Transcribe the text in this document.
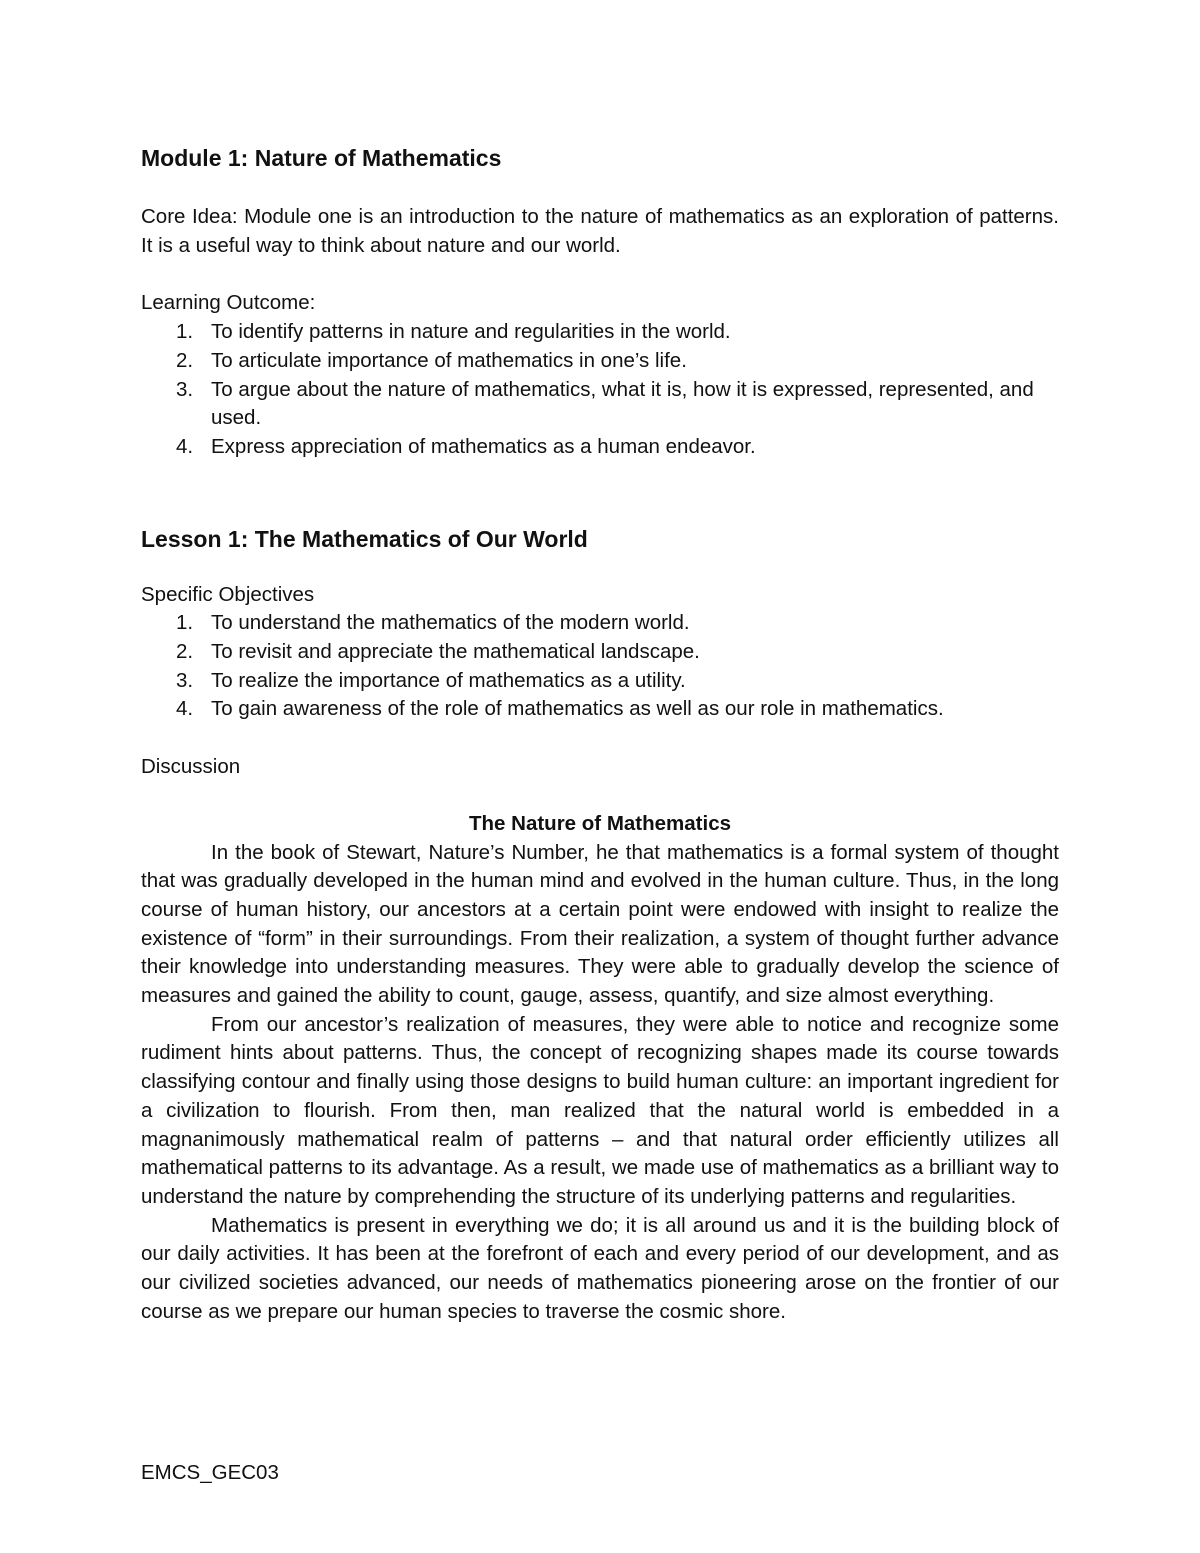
Module 1: Nature of Mathematics

Core Idea: Module one is an introduction to the nature of mathematics as an exploration of patterns. It is a useful way to think about nature and our world.

Learning Outcome:

1. To identify patterns in nature and regularities in the world.
2. To articulate importance of mathematics in one’s life.
3. To argue about the nature of mathematics, what it is, how it is expressed, represented, and used.
4. Express appreciation of mathematics as a human endeavor.
Lesson 1: The Mathematics of Our World

Specific Objectives

1. To understand the mathematics of the modern world.
2. To revisit and appreciate the mathematical landscape.
3. To realize the importance of mathematics as a utility.
4. To gain awareness of the role of mathematics as well as our role in mathematics.

Discussion

The Nature of Mathematics

In the book of Stewart, Nature’s Number, he that mathematics is a formal system of thought that was gradually developed in the human mind and evolved in the human culture. Thus, in the long course of human history, our ancestors at a certain point were endowed with insight to realize the existence of “form” in their surroundings. From their realization, a system of thought further advance their knowledge into understanding measures. They were able to gradually develop the science of measures and gained the ability to count, gauge, assess, quantify, and size almost everything.

From our ancestor’s realization of measures, they were able to notice and recognize some rudiment hints about patterns. Thus, the concept of recognizing shapes made its course towards classifying contour and finally using those designs to build human culture: an important ingredient for a civilization to flourish. From then, man realized that the natural world is embedded in a magnanimously mathematical realm of patterns – and that natural order efficiently utilizes all mathematical patterns to its advantage. As a result, we made use of mathematics as a brilliant way to understand the nature by comprehending the structure of its underlying patterns and regularities.

Mathematics is present in everything we do; it is all around us and it is the building block of our daily activities. It has been at the forefront of each and every period of our development, and as our civilized societies advanced, our needs of mathematics pioneering arose on the frontier of our course as we prepare our human species to traverse the cosmic shore.

EMCS_GEC03
